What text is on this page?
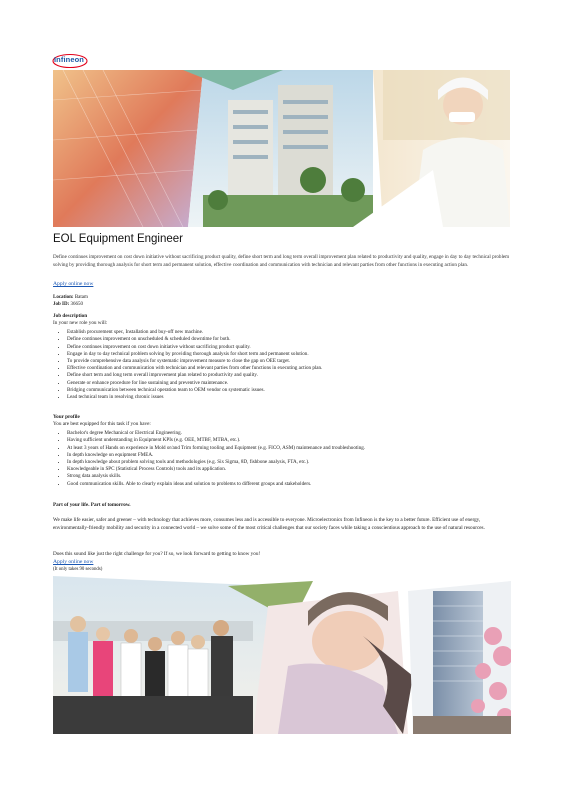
Infineon
EOL Equipment Engineer
Define continues improvement on cost down initiative without sacrificing product quality, define short term and long term overall improvement plan related to productivity and quality, engage in day to day technical problem solving by providing thorough analysis for short term and permanent solution, effective coordination and communication with technician and relevant parties from other functions in executing action plan.
Apply online now
Location: Batam
Job ID: 36650
Job description
In your new role you will:
• Establish procurement spec, Installation and buy-off new machine.
• Define continues improvement on unscheduled & scheduled downtime for both.
• Define continues improvement on cost down initiative without sacrificing product quality.
• Engage in day to day technical problem solving by providing thorough analysis for short term and permanent solution.
• To provide comprehensive data analysis for systematic improvement measure to close the gap on OEE target.
• Effective coordination and communication with technician and relevant parties from other functions in executing action plan.
• Define short term and long term overall improvement plan related to productivity and quality.
• Generate or enhance procedure for line sustaining and preventive maintenance.
• Bridging communication between technical operation team to OEM vendor on systematic issues.
• Lead technical team in resolving chronic issues
Your profile
You are best equipped for this task if you have:
• Bachelor's degree Mechanical or Electrical Engineering.
• Having sufficient understanding in Equipment KPIs (e.g. OEE, MTBF, MTBA, etc.).
• At least 3 years of Hands on experience in Mold or/and Trim forming tooling and Equipment (e.g. FICO, ASM) maintenance and troubleshooting.
• In depth knowledge on equipment FMEA.
• In depth knowledge about problem solving tools and methodologies (e.g. Six Sigma, 8D, fishbone analysis, FTA, etc.).
• Knowledgeable in SPC (Statistical Process Controls) tools and its application.
• Strong data analysis skills.
• Good communication skills. Able to clearly explain ideas and solution to problems to different groups and stakeholders.
Part of your life. Part of tomorrow.
We make life easier, safer and greener – with technology that achieves more, consumes less and is accessible to everyone. Microelectronics from Infineon is the key to a better future. Efficient use of energy, environmentally-friendly mobility and security in a connected world – we solve some of the most critical challenges that our society faces while taking a conscientious approach to the use of natural resources.
Does this sound like just the right challenge for you? If so, we look forward to getting to know you!
Apply online now
(It only takes 90 seconds)
